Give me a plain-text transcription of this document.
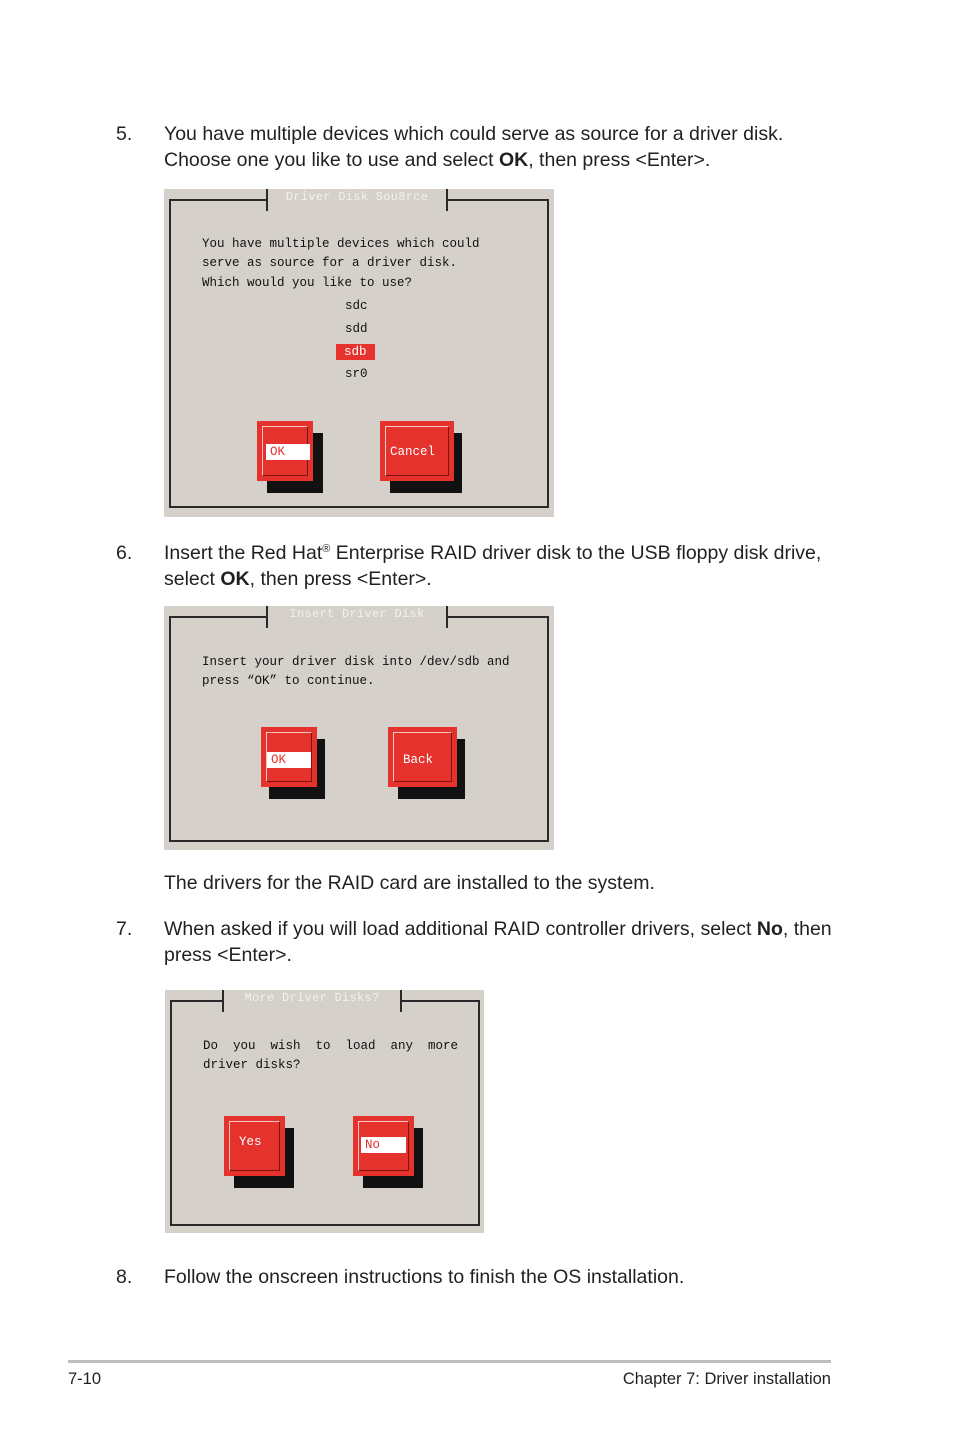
5. You have multiple devices which could serve as source for a driver disk.
Choose one you like to use and select OK, then press <Enter>.
Driver Disk Sou8rce
You have multiple devices which could
serve as source for a driver disk.
Which would you like to use?
sdc
sdd
sdb
sr0
OK	Cancel
6. Insert the Red Hat® Enterprise RAID driver disk to the USB floppy disk drive,
select OK, then press <Enter>.
Insert Driver Disk
Insert your driver disk into /dev/sdb and
press “OK” to continue.
OK	Back
The drivers for the RAID card are installed to the system.
7. When asked if you will load additional RAID controller drivers, select No, then
press <Enter>.
More Driver Disks?
Do  you  wish  to  load  any  more
driver disks?
Yes	No
8. Follow the onscreen instructions to finish the OS installation.
7-10	Chapter 7: Driver installation
